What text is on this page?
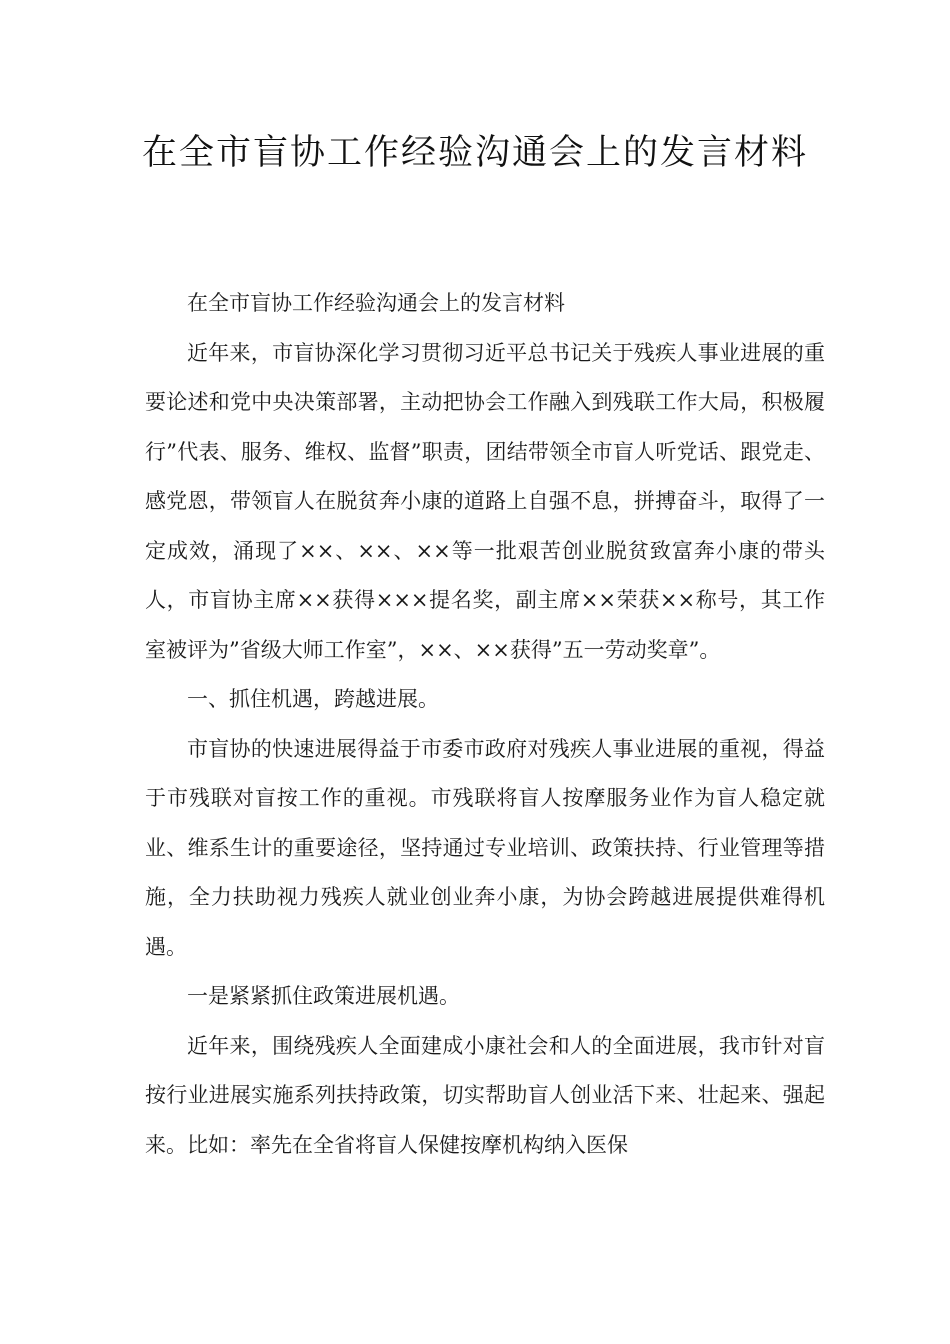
在全市盲协工作经验沟通会上的发言材料

在全市盲协工作经验沟通会上的发言材料

近年来，市盲协深化学习贯彻习近平总书记关于残疾人事业进展的重要论述和党中央决策部署，主动把协会工作融入到残联工作大局，积极履行”代表、服务、维权、监督”职责，团结带领全市盲人听党话、跟党走、感党恩，带领盲人在脱贫奔小康的道路上自强不息，拼搏奋斗，取得了一定成效，涌现了××、××、××等一批艰苦创业脱贫致富奔小康的带头人，市盲协主席××获得×××提名奖，副主席××荣获××称号，其工作室被评为”省级大师工作室”，××、××获得”五一劳动奖章”。

一、抓住机遇，跨越进展。

市盲协的快速进展得益于市委市政府对残疾人事业进展的重视，得益于市残联对盲按工作的重视。市残联将盲人按摩服务业作为盲人稳定就业、维系生计的重要途径，坚持通过专业培训、政策扶持、行业管理等措施，全力扶助视力残疾人就业创业奔小康，为协会跨越进展提供难得机遇。

一是紧紧抓住政策进展机遇。

近年来，围绕残疾人全面建成小康社会和人的全面进展，我市针对盲按行业进展实施系列扶持政策，切实帮助盲人创业活下来、壮起来、强起来。比如：率先在全省将盲人保健按摩机构纳入医保
